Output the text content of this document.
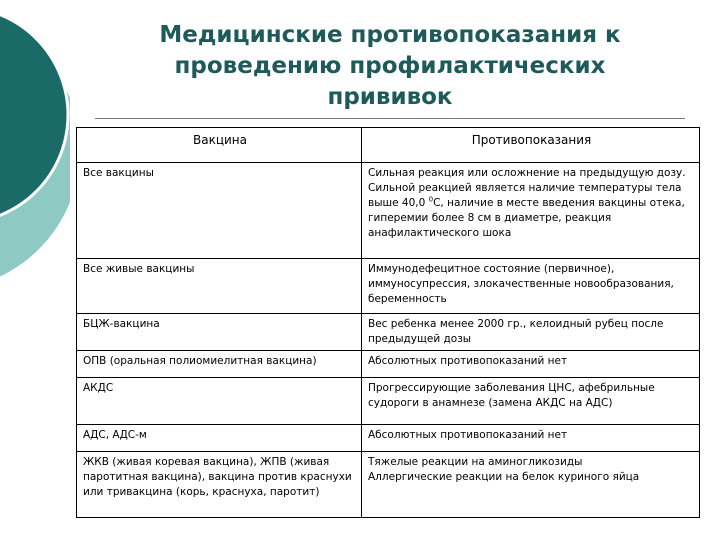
Медицинские противопоказания к
проведению профилактических
прививок
Вакцина	Противопоказания
Все вакцины	Сильная реакция или осложнение на предыдущую дозу. Сильной реакцией является наличие температуры тела выше 40,0 $^0$С, наличие в месте введения вакцины отека, гиперемии более 8 см в диаметре, реакция анафилактического шока
Все живые вакцины	Иммунодефецитное состояние (первичное), иммуносупрессия, злокачественные новообразования, беременность
БЦЖ-вакцина	Вес ребенка менее 2000 гр., келоидный рубец после предыдущей дозы
ОПВ (оральная полиомиелитная вакцина)	Абсолютных противопоказаний нет
АКДС	Прогрессирующие заболевания ЦНС, афебрильные судороги в анамнезе (замена АКДС на АДС)
АДС, АДС-м	Абсолютных противопоказаний нет
ЖКВ (живая коревая вакцина), ЖПВ (живая паротитная вакцина), вакцина против краснухи или тривакцина (корь, краснуха, паротит)	Тяжелые реакции на аминогликозиды
Аллергические реакции на белок куриного яйца
